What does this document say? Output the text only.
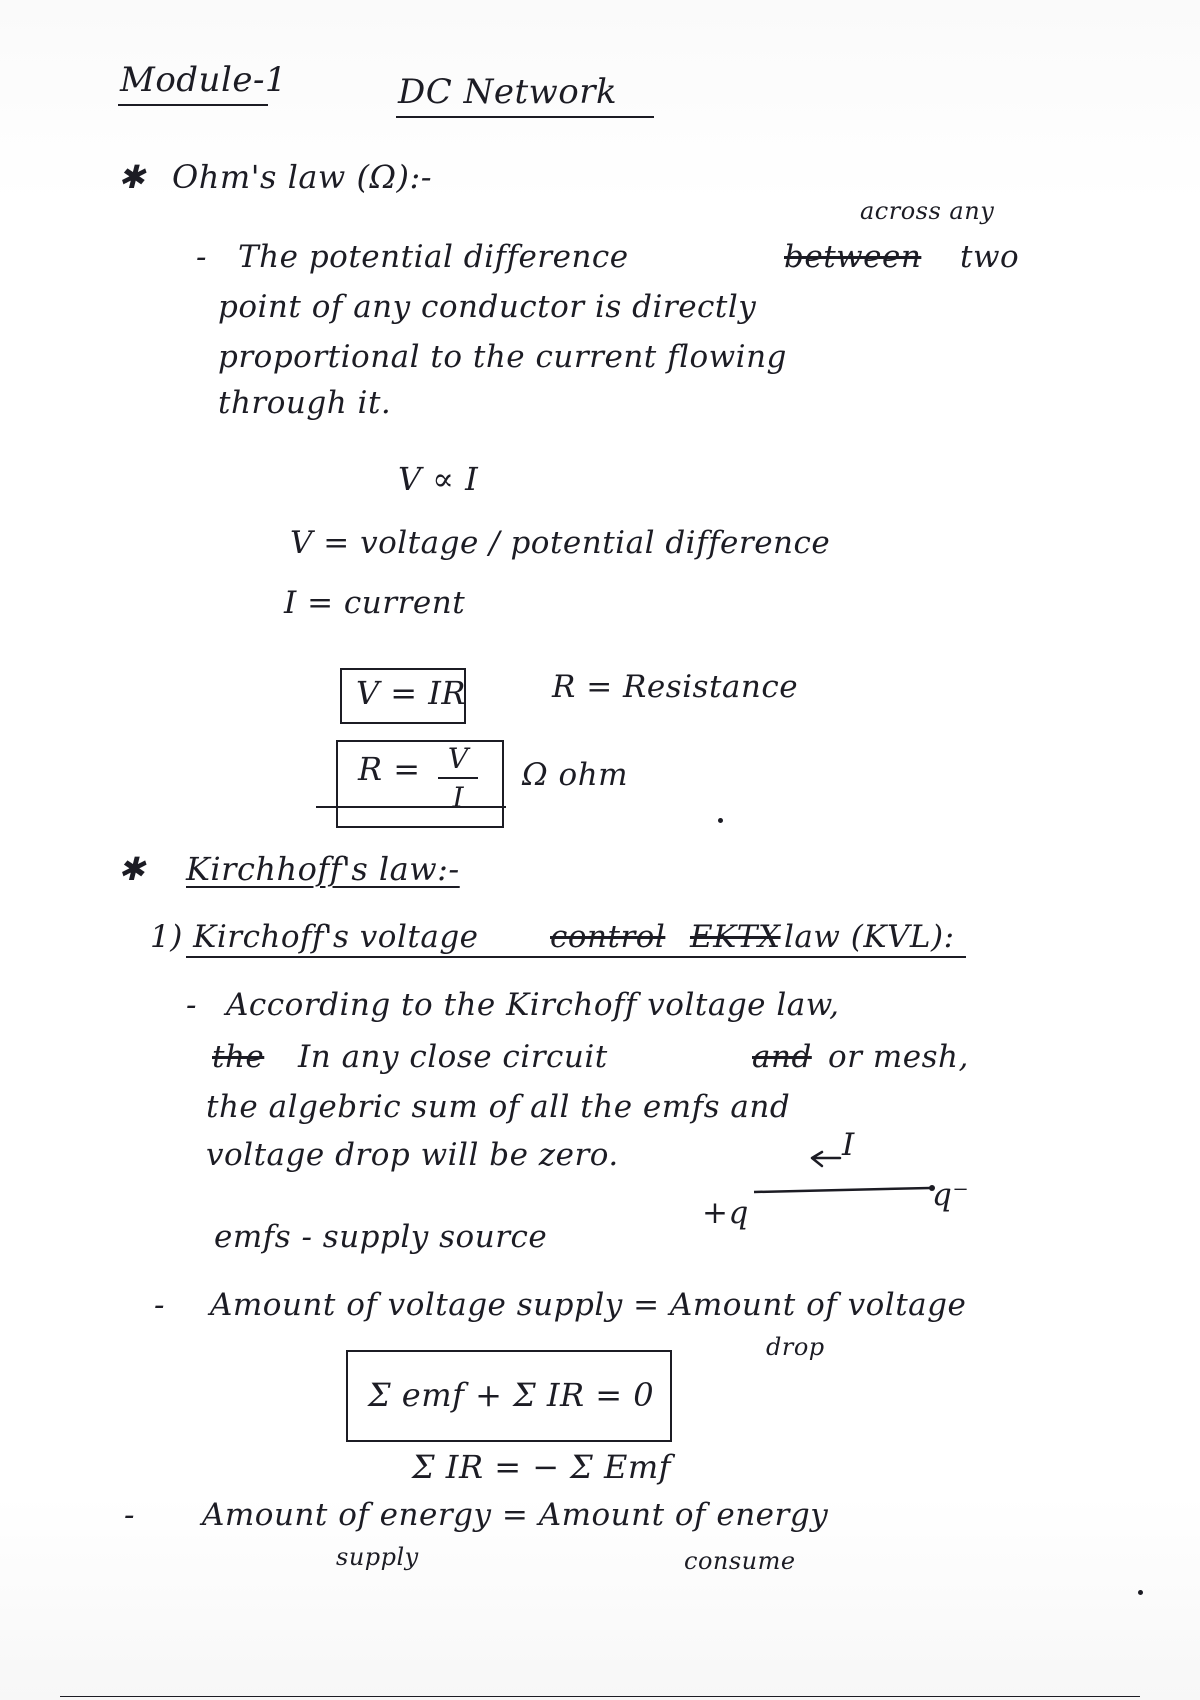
Module-1	DC Network
✱ Ohm's law (Ω):-
across any
- The potential difference	between two
point of any conductor is directly
proportional to the current flowing
through it.
V ∝ I
V = voltage / potential difference
I = current
V = IR	R = Resistance
R = V
I
Ω ohm
✱ Kirchhoff's law:-
1) Kirchoff's voltage control EKTX law (KVL):
- According to the Kirchoff voltage law,
the In any close circuit	and or mesh,
the algebric sum of all the emfs and
voltage drop will be zero.	I
+q	q⁻
emfs - supply source
- Amount of voltage supply = Amount of voltage
drop
Σ emf + Σ IR = 0
Σ IR = − Σ Emf
- Amount of energy = Amount of energy
supply	consume
